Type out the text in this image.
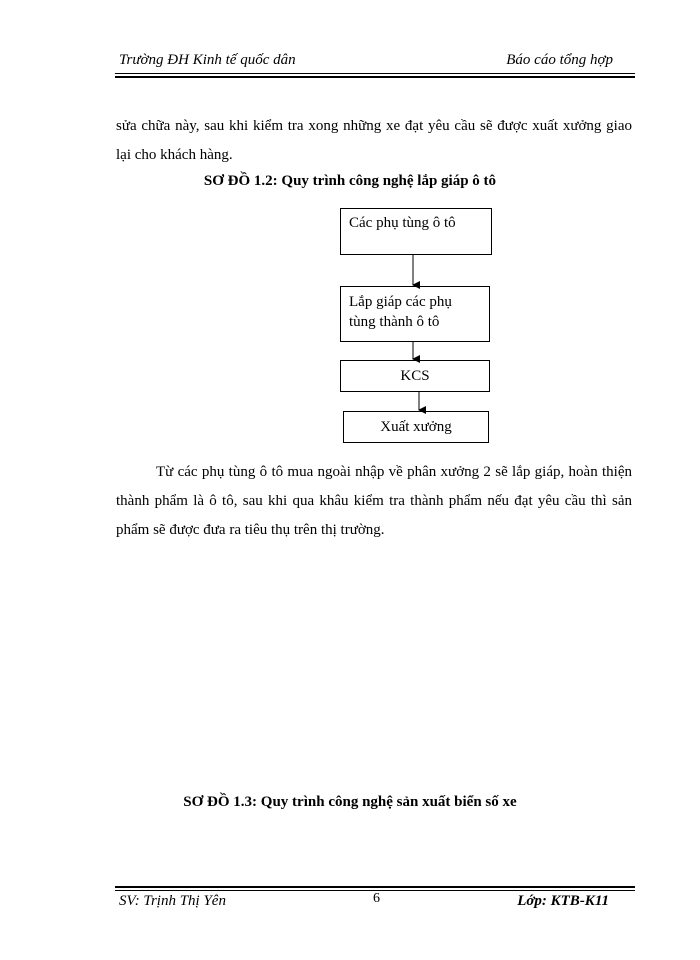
Trường ĐH Kinh tế quốc dân	Báo cáo tổng hợp
sửa chữa này, sau khi kiểm tra xong những xe đạt yêu cầu sẽ được xuất xưởng giao lại cho khách hàng.
SƠ ĐỒ 1.2: Quy trình công nghệ lắp giáp ô tô
Các phụ tùng ô tô
Lắp giáp các phụ
tùng thành ô tô
KCS
Xuất xưởng
Từ các phụ tùng ô tô mua ngoài nhập về phân xưởng 2 sẽ lắp giáp, hoàn thiện thành phẩm là ô tô, sau khi qua khâu kiểm tra thành phẩm nếu đạt yêu cầu thì sản phẩm sẽ được đưa ra tiêu thụ trên thị trường.
SƠ ĐỒ 1.3: Quy trình công nghệ sản xuất biển số xe
SV: Trịnh Thị Yên	6	Lớp: KTB-K11
